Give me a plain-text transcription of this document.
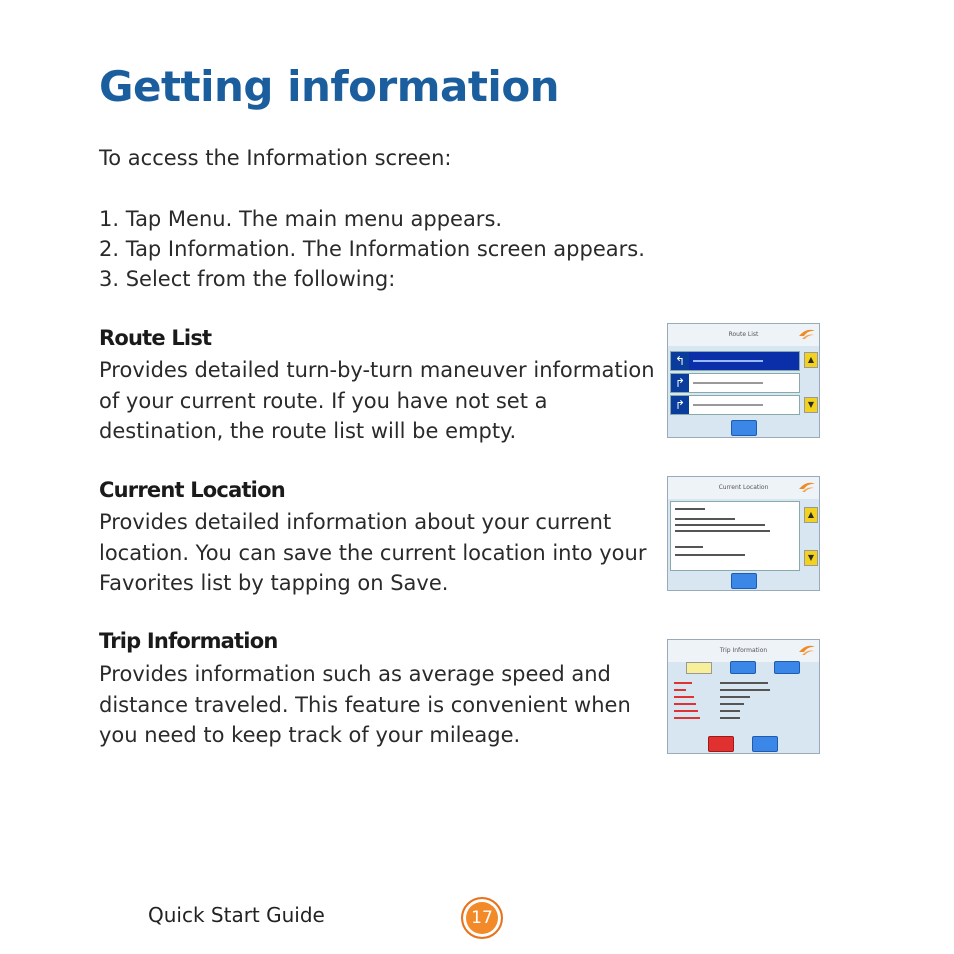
Getting information

To access the Information screen:

1. Tap Menu. The main menu appears.
2. Tap Information. The Information screen appears.
3. Select from the following:
Route List
Provides detailed turn-by-turn maneuver information
of your current route. If you have not set a
destination, the route list will be empty.
Route List
↰
↱
↱
▲
▼
Current Location
Provides detailed information about your current
location. You can save the current location into your
Favorites list by tapping on Save.
Current Location
▲
▼
Trip Information
Provides information such as average speed and
distance traveled. This feature is convenient when
you need to keep track of your mileage.
Trip Information

Quick Start Guide	17
